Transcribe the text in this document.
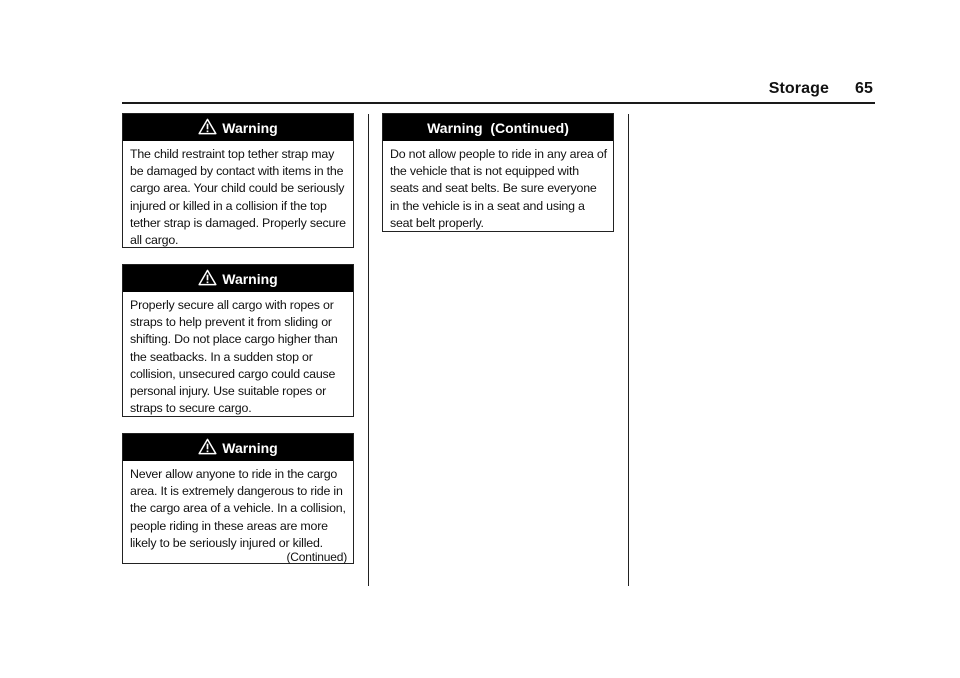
Storage 65
Warning
The child restraint top tether strap may be damaged by contact with items in the cargo area. Your child could be seriously injured or killed in a collision if the top tether strap is damaged. Properly secure all cargo.
Warning
Properly secure all cargo with ropes or straps to help prevent it from sliding or shifting. Do not place cargo higher than the seatbacks. In a sudden stop or collision, unsecured cargo could cause personal injury. Use suitable ropes or straps to secure cargo.
Warning
Never allow anyone to ride in the cargo area. It is extremely dangerous to ride in the cargo area of a vehicle. In a collision, people riding in these areas are more likely to be seriously injured or killed.
(Continued)
Warning  (Continued)
Do not allow people to ride in any area of the vehicle that is not equipped with seats and seat belts. Be sure everyone in the vehicle is in a seat and using a seat belt properly.
